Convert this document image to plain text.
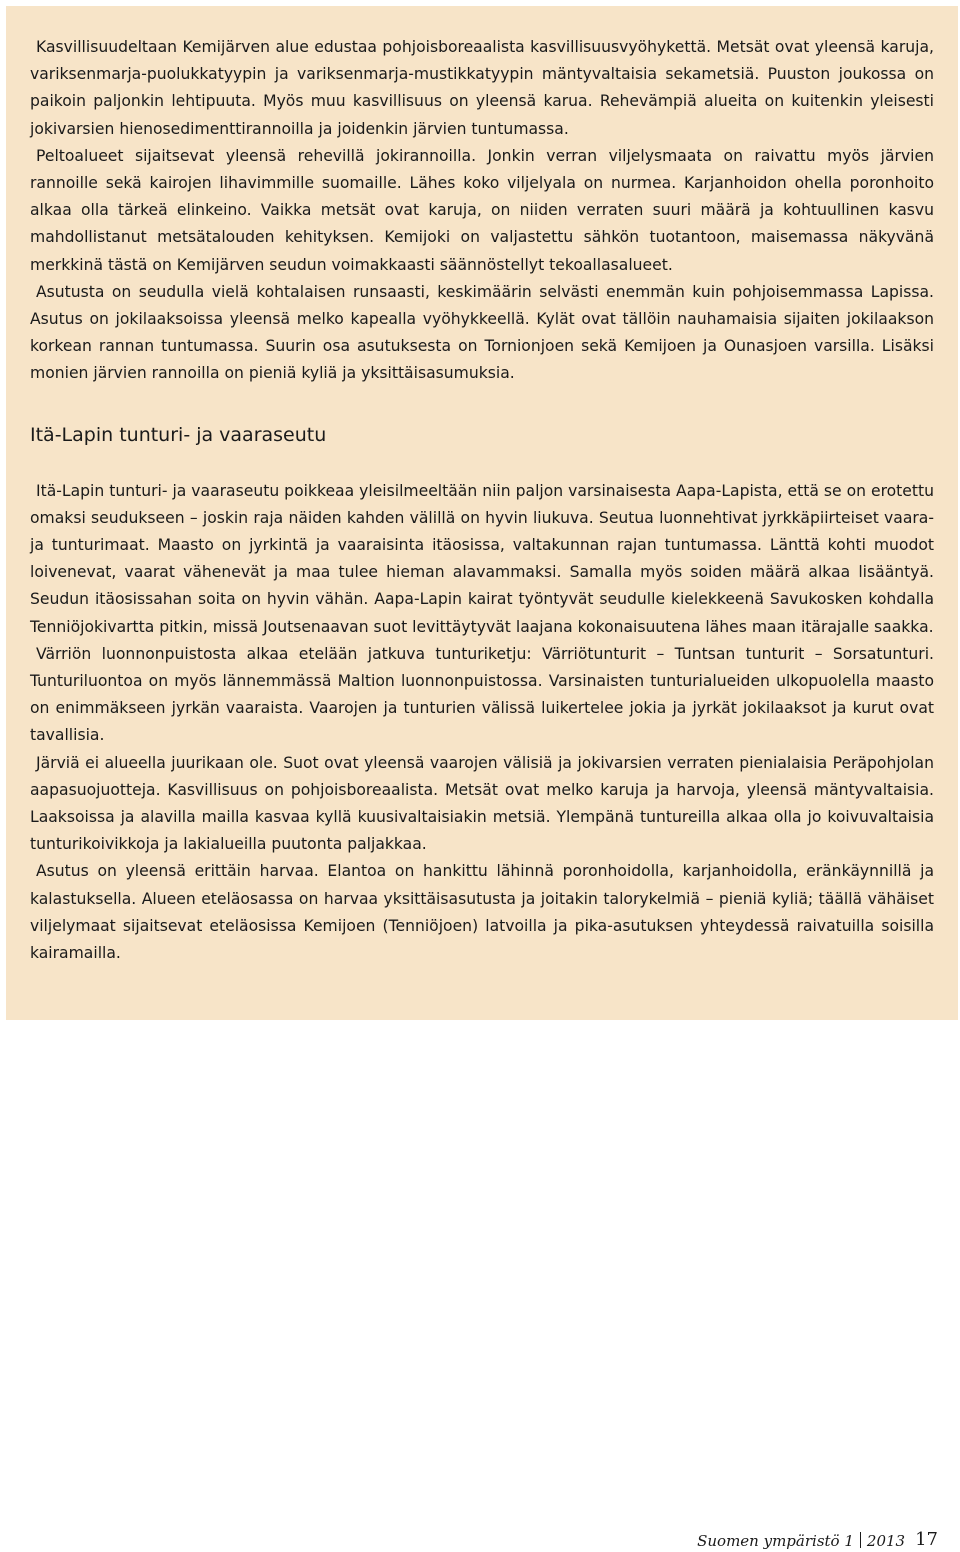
Kasvillisuudeltaan Kemijärven alue edustaa pohjoisboreaalista kasvillisuusvyöhykettä. Metsät ovat yleensä karuja, variksenmarja-puolukkatyypin ja variksenmarja-mustikkatyypin mäntyvaltaisia sekametsiä. Puuston joukossa on paikoin paljonkin lehtipuuta. Myös muu kasvillisuus on yleensä karua. Rehevämpiä alueita on kuitenkin yleisesti jokivarsien hienosedimenttirannoilla ja joidenkin järvien tuntumassa.

Peltoalueet sijaitsevat yleensä rehevillä jokirannoilla. Jonkin verran viljelysmaata on raivattu myös järvien rannoille sekä kairojen lihavimmille suomaille. Lähes koko viljelyala on nurmea. Karjanhoidon ohella poronhoito alkaa olla tärkeä elinkeino. Vaikka metsät ovat karuja, on niiden verraten suuri määrä ja kohtuullinen kasvu mahdollistanut metsätalouden kehityksen. Kemijoki on valjastettu sähkön tuotantoon, maisemassa näkyvänä merkkinä tästä on Kemijärven seudun voimakkaasti säännöstellyt tekoallasalueet.

Asutusta on seudulla vielä kohtalaisen runsaasti, keskimäärin selvästi enemmän kuin pohjoisemmassa Lapissa. Asutus on jokilaaksoissa yleensä melko kapealla vyöhykkeellä. Kylät ovat tällöin nauhamaisia sijaiten jokilaakson korkean rannan tuntumassa. Suurin osa asutuksesta on Tornionjoen sekä Kemijoen ja Ounasjoen varsilla. Lisäksi monien järvien rannoilla on pieniä kyliä ja yksittäisasumuksia.

Itä-Lapin tunturi- ja vaaraseutu

Itä-Lapin tunturi- ja vaaraseutu poikkeaa yleisilmeeltään niin paljon varsinaisesta Aapa-Lapista, että se on erotettu omaksi seudukseen – joskin raja näiden kahden välillä on hyvin liukuva. Seutua luonnehtivat jyrkkäpiirteiset vaara- ja tunturimaat. Maasto on jyrkintä ja vaaraisinta itäosissa, valtakunnan rajan tuntumassa. Länttä kohti muodot loivenevat, vaarat vähenevät ja maa tulee hieman alavammaksi. Samalla myös soiden määrä alkaa lisääntyä. Seudun itäosissahan soita on hyvin vähän. Aapa-Lapin kairat työntyvät seudulle kielekkeenä Savukosken kohdalla Tenniöjokivartta pitkin, missä Joutsenaavan suot levittäytyvät laajana kokonaisuutena lähes maan itärajalle saakka.

Värriön luonnonpuistosta alkaa etelään jatkuva tunturiketju: Värriötunturit – Tuntsan tunturit – Sorsatunturi. Tunturiluontoa on myös lännemmässä Maltion luonnonpuistossa. Varsinaisten tunturialueiden ulkopuolella maasto on enimmäkseen jyrkän vaaraista. Vaarojen ja tunturien välissä luikertelee jokia ja jyrkät jokilaaksot ja kurut ovat tavallisia.

Järviä ei alueella juurikaan ole. Suot ovat yleensä vaarojen välisiä ja jokivarsien verraten pienialaisia Peräpohjolan aapasuojuotteja. Kasvillisuus on pohjoisboreaalista. Metsät ovat melko karuja ja harvoja, yleensä mäntyvaltaisia. Laaksoissa ja alavilla mailla kasvaa kyllä kuusivaltaisiakin metsiä. Ylempänä tuntureilla alkaa olla jo koivuvaltaisia tunturikoivikkoja ja lakialueilla puutonta paljakkaa.

Asutus on yleensä erittäin harvaa. Elantoa on hankittu lähinnä poronhoidolla, karjanhoidolla, eränkäynnillä ja kalastuksella. Alueen eteläosassa on harvaa yksittäisasutusta ja joitakin talorykelmiä – pieniä kyliä; täällä vähäiset viljelymaat sijaitsevat eteläosissa Kemijoen (Tenniöjoen) latvoilla ja pika-asutuksen yhteydessä raivatuilla soisilla kairamailla.

Suomen ympäristö 1 2013 17
